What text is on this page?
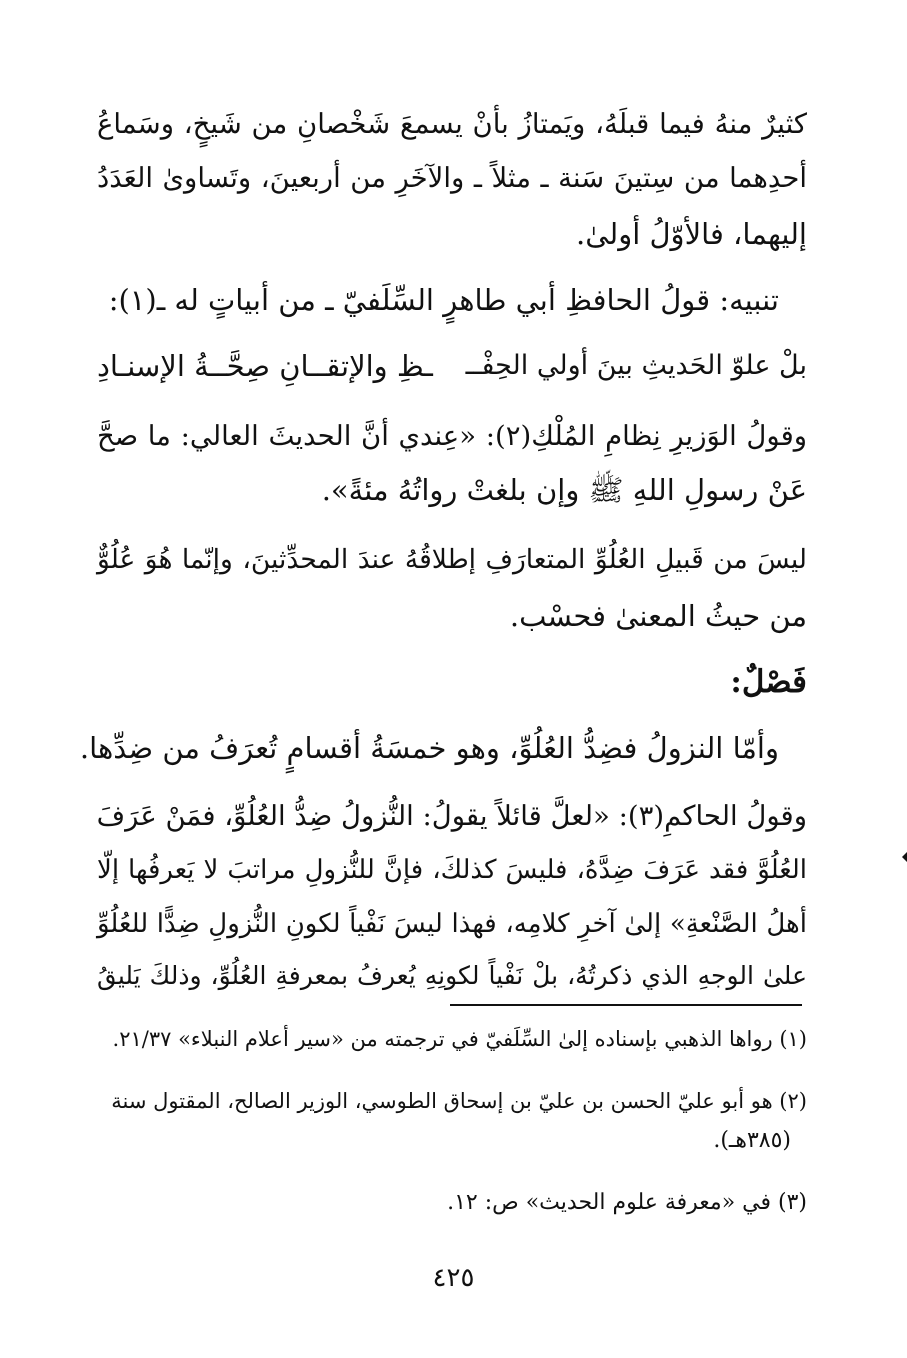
كثيرٌ منهُ فيما قبلَهُ، ويَمتازُ بأنْ يسمعَ شَخْصانِ من شَيخٍ، وسَماعُ
أحدِهما من سِتينَ سَنة ـ مثلاً ـ والآخَرِ من أربعينَ، وتَساوىٰ العَدَدُ
إليهما، فالأوّلُ أولىٰ.
تنبيه: قولُ الحافظِ أبي طاهرٍ السِّلَفيّ ـ من أبياتٍ له ـ(١):
بلْ علوّ الحَديثِ بينَ أولي الحِفْــ
ـظِ والإتقــانِ صِحَّــةُ الإسنـادِ
وقولُ الوَزيرِ نِظامِ المُلْكِ(٢): «عِندي أنَّ الحديثَ العالي: ما صحَّ
عَنْ رسولِ اللهِ ﷺ وإن بلغتْ رواتُهُ مئةً».
ليسَ من قَبيلِ العُلُوِّ المتعارَفِ إطلاقُهُ عندَ المحدِّثينَ، وإنّما هُوَ عُلُوٌّ
من حيثُ المعنىٰ فحسْب.
فَصْلٌ:
وأمّا النزولُ فضِدُّ العُلُوِّ، وهو خمسَةُ أقسامٍ تُعرَفُ من ضِدِّها.
وقولُ الحاكمِ(٣): «لعلَّ قائلاً يقولُ: النُّزولُ ضِدُّ العُلُوِّ، فمَنْ عَرَفَ
العُلُوَّ فقد عَرَفَ ضِدَّهُ، فليسَ كذلكَ، فإنَّ للنُّزولِ مراتبَ لا يَعرفُها إلّا
أهلُ الصَّنْعةِ» إلىٰ آخرِ كلامِه، فهذا ليسَ نَفْياً لكونِ النُّزولِ ضِدًّا للعُلُوِّ
علىٰ الوجهِ الذي ذكرتُهُ، بلْ نَفْياً لكونِهِ يُعرفُ بمعرفةِ العُلُوِّ، وذلكَ يَليقُ
(١) رواها الذهبي بإسناده إلىٰ السِّلَفيّ في ترجمته من «سير أعلام النبلاء» ٢١/٣٧.
(٢) هو أبو عليّ الحسن بن عليّ بن إسحاق الطوسي، الوزير الصالح، المقتول سنة
(٣٨٥هـ).
(٣) في «معرفة علوم الحديث» ص: ١٢.
٤٢٥
